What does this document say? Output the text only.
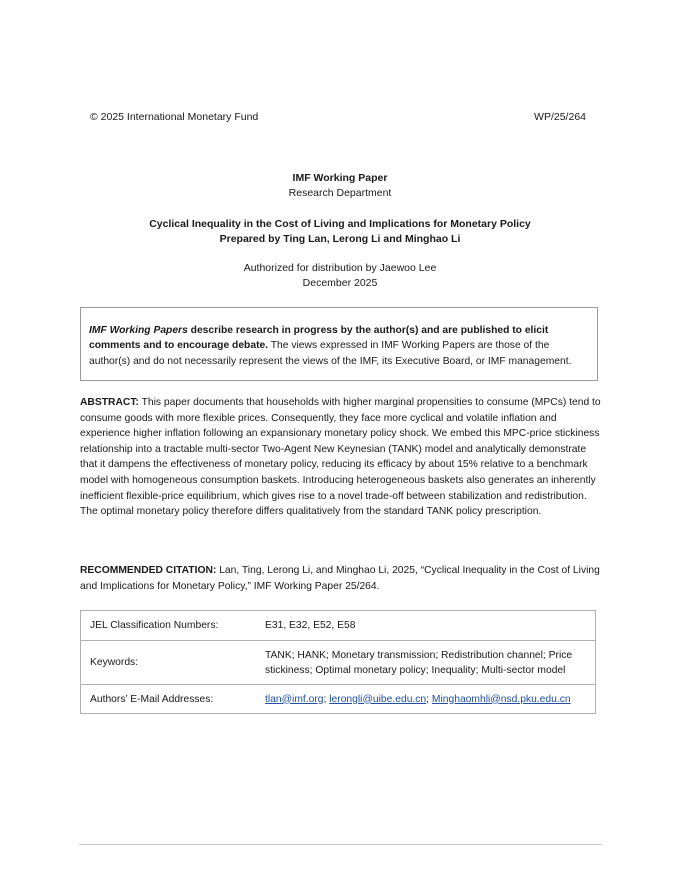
© 2025 International Monetary Fund	WP/25/264
IMF Working Paper
Research Department
Cyclical Inequality in the Cost of Living and Implications for Monetary Policy
Prepared by Ting Lan, Lerong Li and Minghao Li
Authorized for distribution by Jaewoo Lee
December 2025
IMF Working Papers describe research in progress by the author(s) and are published to elicit comments and to encourage debate. The views expressed in IMF Working Papers are those of the author(s) and do not necessarily represent the views of the IMF, its Executive Board, or IMF management.
ABSTRACT: This paper documents that households with higher marginal propensities to consume (MPCs) tend to consume goods with more flexible prices. Consequently, they face more cyclical and volatile inflation and experience higher inflation following an expansionary monetary policy shock. We embed this MPC-price stickiness relationship into a tractable multi-sector Two-Agent New Keynesian (TANK) model and analytically demonstrate that it dampens the effectiveness of monetary policy, reducing its efficacy by about 15% relative to a benchmark model with homogeneous consumption baskets. Introducing heterogeneous baskets also generates an inherently inefficient flexible-price equilibrium, which gives rise to a novel trade-off between stabilization and redistribution. The optimal monetary policy therefore differs qualitatively from the standard TANK policy prescription.
RECOMMENDED CITATION: Lan, Ting, Lerong Li, and Minghao Li, 2025, “Cyclical Inequality in the Cost of Living and Implications for Monetary Policy,” IMF Working Paper 25/264.
JEL Classification Numbers:	E31, E32, E52, E58
Keywords:	TANK; HANK; Monetary transmission; Redistribution channel; Price stickiness; Optimal monetary policy; Inequality; Multi-sector model
Authors’ E-Mail Addresses:	tlan@imf.org; lerongli@uibe.edu.cn; Minghaomhli@nsd.pku.edu.cn
